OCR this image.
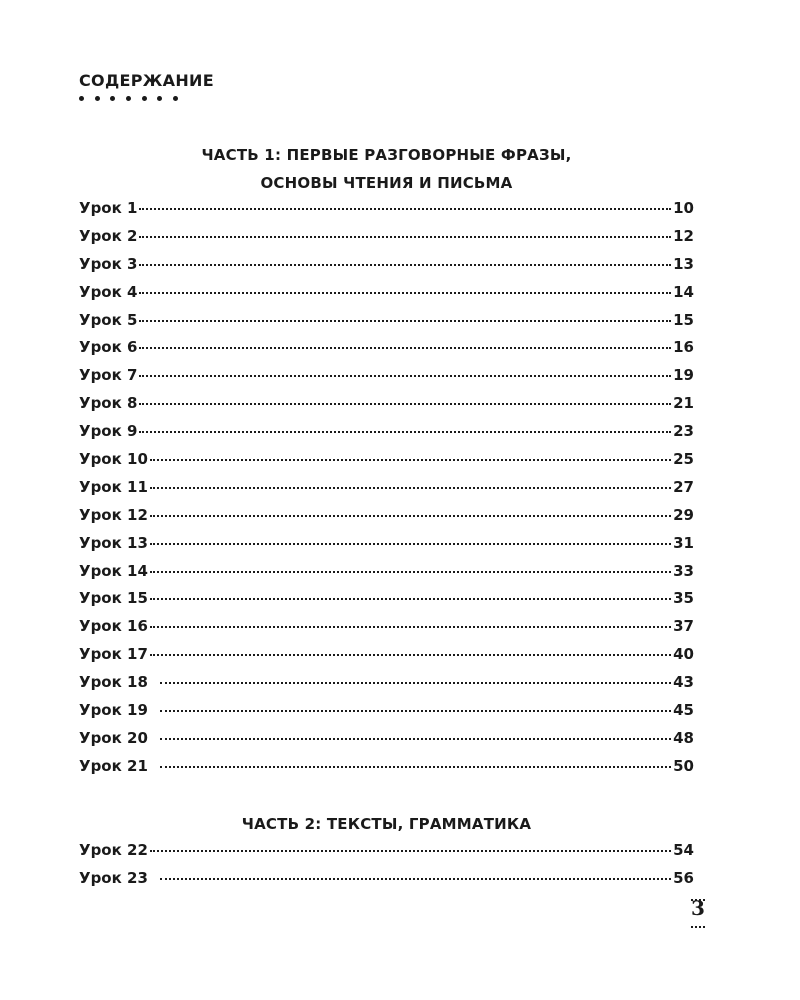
СОДЕРЖАНИЕ
ЧАСТЬ 1: ПЕРВЫЕ РАЗГОВОРНЫЕ ФРАЗЫ,
ОСНОВЫ ЧТЕНИЯ И ПИСЬМА
Урок 1	10
Урок 2	12
Урок 3	13
Урок 4	14
Урок 5	15
Урок 6	16
Урок 7	19
Урок 8	21
Урок 9	23
Урок 10	25
Урок 11	27
Урок 12	29
Урок 13	31
Урок 14	33
Урок 15	35
Урок 16	37
Урок 17	40
Урок 18	43
Урок 19	45
Урок 20	48
Урок 21	50
ЧАСТЬ 2: ТЕКСТЫ, ГРАММАТИКА
Урок 22	54
Урок 23	56
3
